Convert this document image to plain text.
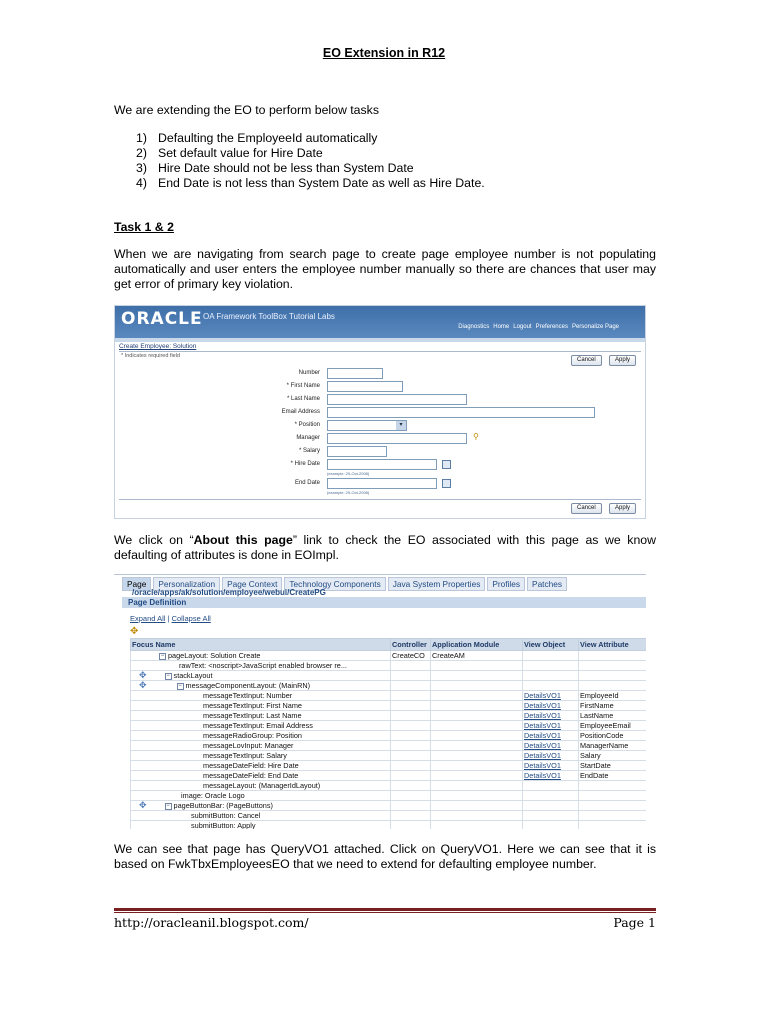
EO Extension in R12
We are extending the EO to perform below tasks
1) Defaulting the EmployeeId automatically
2) Set default value for Hire Date
3) Hire Date should not be less than System Date
4) End Date is not less than System Date as well as Hire Date.
Task 1 & 2
When we are navigating from search page to create page employee number is not populating automatically and user enters the employee number manually so there are chances that user may get error of primary key violation.
ORACLE OA Framework ToolBox Tutorial Labs
Diagnostics Home Logout Preferences Personalize Page
Create Employee: Solution
* Indicates required field
Cancel	Apply
Number
* First Name
* Last Name
Email Address
* Position	▾
Manager	⚲
* Salary
* Hire Date
(example: 29-Oct-2008)
End Date
(example: 29-Oct-2008)
Cancel	Apply
We click on “About this page” link to check the EO associated with this page as we know defaulting of attributes is done in EOImpl.
Page	Personalization	Page Context	Technology Components	Java System Properties	Profiles	Patches
/oracle/apps/ak/solution/employee/webui/CreatePG
Page Definition
Expand All | Collapse All
✥
Focus Name	Controller	Application Module	View Object	View Attribute
− pageLayout: Solution Create	CreateCO	CreateAM		
rawText: <noscript>JavaScript enabled browser re...				
✥ − stackLayout				
✥ − messageComponentLayout: (MainRN)				
messageTextInput: Number			DetailsVO1	EmployeeId
messageTextInput: First Name			DetailsVO1	FirstName
messageTextInput: Last Name			DetailsVO1	LastName
messageTextInput: Email Address			DetailsVO1	EmployeeEmail
messageRadioGroup: Position			DetailsVO1	PositionCode
messageLovInput: Manager			DetailsVO1	ManagerName
messageTextInput: Salary			DetailsVO1	Salary
messageDateField: Hire Date			DetailsVO1	StartDate
messageDateField: End Date			DetailsVO1	EndDate
messageLayout: (ManagerIdLayout)				
image: Oracle Logo				
✥ − pageButtonBar: (PageButtons)				
submitButton: Cancel				
submitButton: Apply				
We can see that page has QueryVO1 attached. Click on QueryVO1. Here we can see that it is based on FwkTbxEmployeesEO that we need to extend for defaulting employee number.
http://oracleanil.blogspot.com/	Page 1
